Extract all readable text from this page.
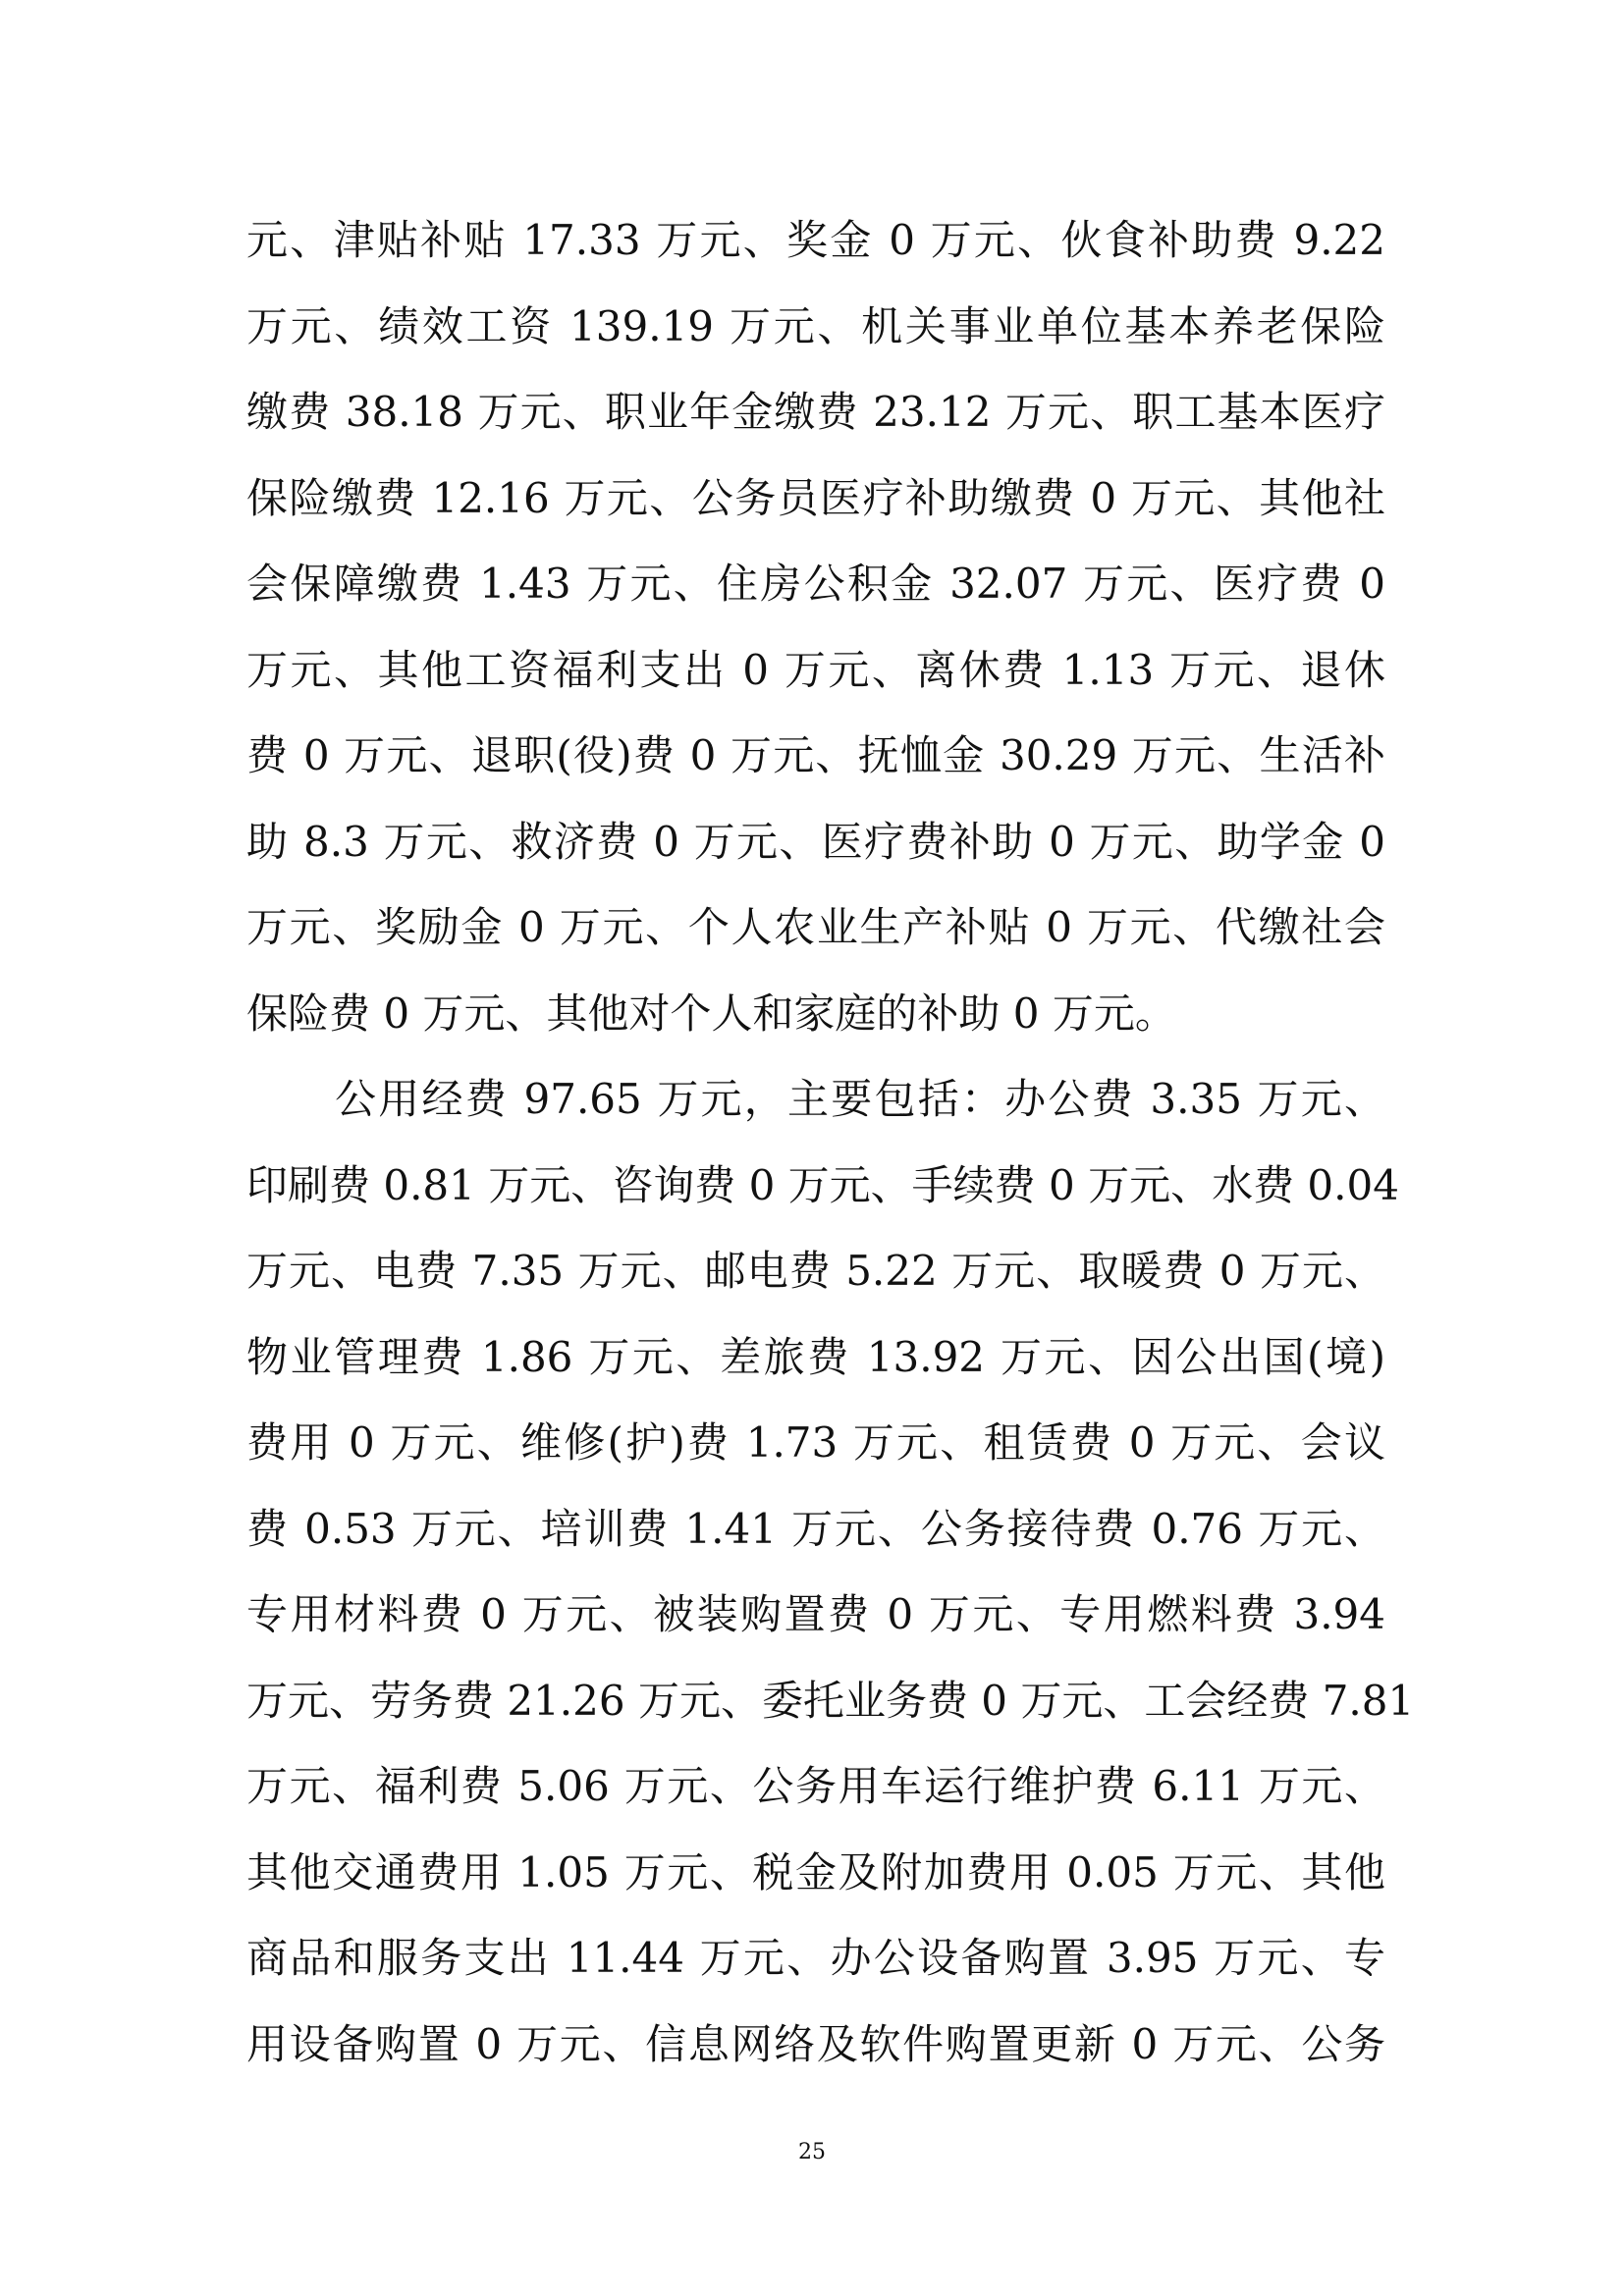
元、津贴补贴 17.33 万元、奖金 0 万元、伙食补助费 9.22
万元、绩效工资 139.19 万元、机关事业单位基本养老保险
缴费 38.18 万元、职业年金缴费 23.12 万元、职工基本医疗
保险缴费 12.16 万元、公务员医疗补助缴费 0 万元、其他社
会保障缴费 1.43 万元、住房公积金 32.07 万元、医疗费 0
万元、其他工资福利支出 0 万元、离休费 1.13 万元、退休
费 0 万元、退职(役)费 0 万元、抚恤金 30.29 万元、生活补
助 8.3 万元、救济费 0 万元、医疗费补助 0 万元、助学金 0
万元、奖励金 0 万元、个人农业生产补贴 0 万元、代缴社会
保险费 0 万元、其他对个人和家庭的补助 0 万元。
公用经费 97.65 万元，主要包括：办公费 3.35 万元、
印刷费 0.81 万元、咨询费 0 万元、手续费 0 万元、水费 0.04
万元、电费 7.35 万元、邮电费 5.22 万元、取暖费 0 万元、
物业管理费 1.86 万元、差旅费 13.92 万元、因公出国(境)
费用 0 万元、维修(护)费 1.73 万元、租赁费 0 万元、会议
费 0.53 万元、培训费 1.41 万元、公务接待费 0.76 万元、
专用材料费 0 万元、被装购置费 0 万元、专用燃料费 3.94
万元、劳务费 21.26 万元、委托业务费 0 万元、工会经费 7.81
万元、福利费 5.06 万元、公务用车运行维护费 6.11 万元、
其他交通费用 1.05 万元、税金及附加费用 0.05 万元、其他
商品和服务支出 11.44 万元、办公设备购置 3.95 万元、专
用设备购置 0 万元、信息网络及软件购置更新 0 万元、公务
25
